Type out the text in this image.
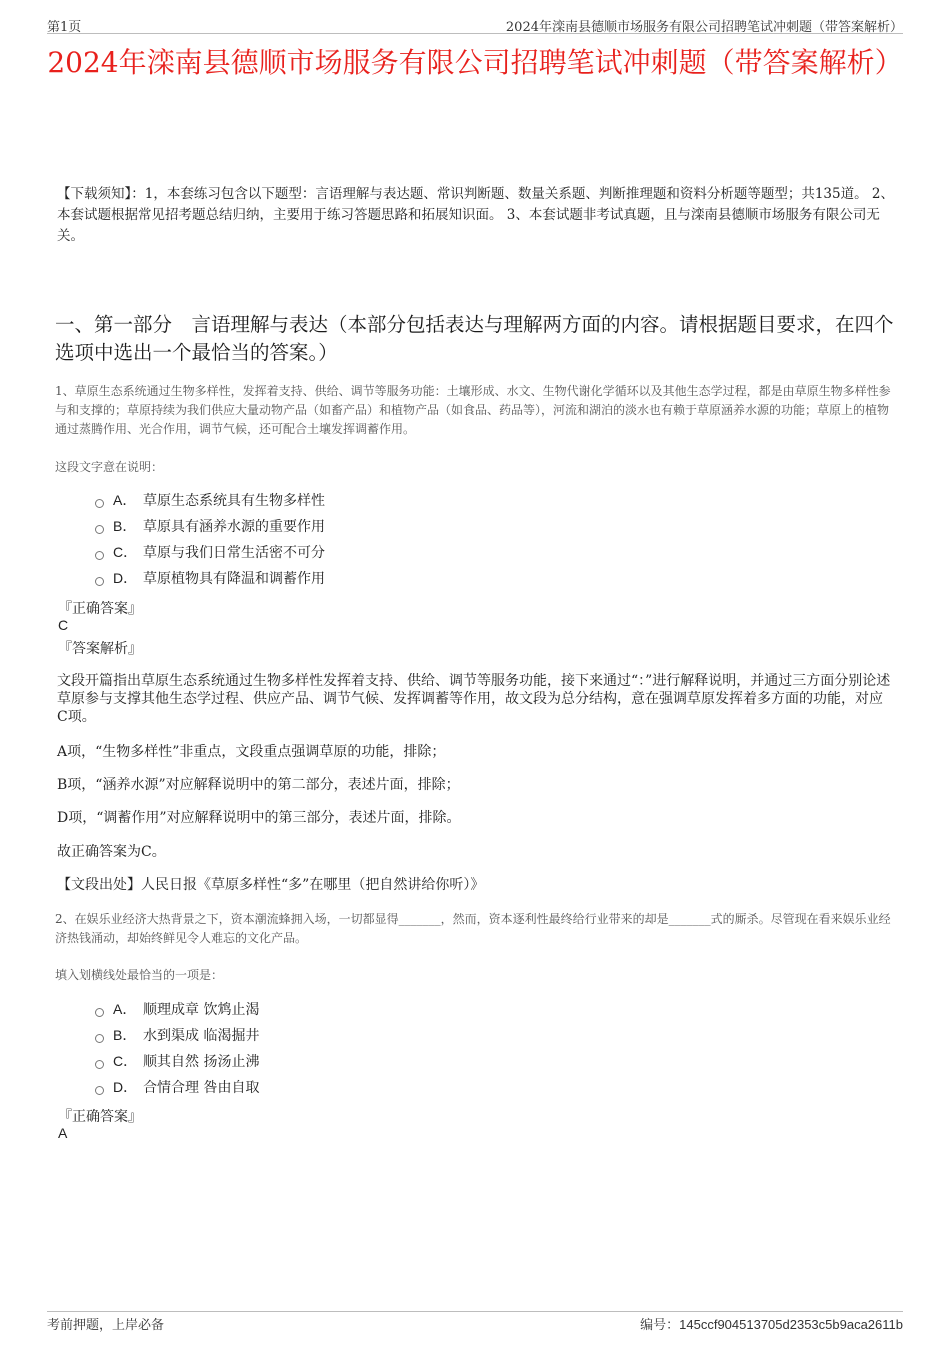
第1页	2024年滦南县德顺市场服务有限公司招聘笔试冲刺题（带答案解析）
2024年滦南县德顺市场服务有限公司招聘笔试冲刺题（带答案解析）
【下载须知】：1，本套练习包含以下题型：言语理解与表达题、常识判断题、数量关系题、判断推理题和资料分析题等题型；共135道。 2、本套试题根据常见招考题总结归纳，主要用于练习答题思路和拓展知识面。 3、本套试题非考试真题，且与滦南县德顺市场服务有限公司无关。
一、第一部分　言语理解与表达（本部分包括表达与理解两方面的内容。请根据题目要求，在四个选项中选出一个最恰当的答案。）
1、草原生态系统通过生物多样性，发挥着支持、供给、调节等服务功能：土壤形成、水文、生物代谢化学循环以及其他生态学过程，都是由草原生物多样性参与和支撑的；草原持续为我们供应大量动物产品（如畜产品）和植物产品（如食品、药品等），河流和湖泊的淡水也有赖于草原涵养水源的功能；草原上的植物通过蒸腾作用、光合作用，调节气候，还可配合土壤发挥调蓄作用。
这段文字意在说明：
A． 草原生态系统具有生物多样性
B． 草原具有涵养水源的重要作用
C． 草原与我们日常生活密不可分
D． 草原植物具有降温和调蓄作用
『正确答案』
C
『答案解析』
文段开篇指出草原生态系统通过生物多样性发挥着支持、供给、调节等服务功能，接下来通过“：”进行解释说明，并通过三方面分别论述草原参与支撑其他生态学过程、供应产品、调节气候、发挥调蓄等作用，故文段为总分结构，意在强调草原发挥着多方面的功能，对应C项。
A项，“生物多样性”非重点，文段重点强调草原的功能，排除；
B项，“涵养水源”对应解释说明中的第二部分，表述片面，排除；
D项，“调蓄作用”对应解释说明中的第三部分，表述片面，排除。
故正确答案为C。
【文段出处】人民日报《草原多样性“多”在哪里（把自然讲给你听）》
2、在娱乐业经济大热背景之下，资本潮流蜂拥入场，一切都显得_______，然而，资本逐利性最终给行业带来的却是_______式的厮杀。尽管现在看来娱乐业经济热钱涌动，却始终鲜见令人难忘的文化产品。
填入划横线处最恰当的一项是：
A． 顺理成章 饮鸩止渴
B． 水到渠成 临渴掘井
C． 顺其自然 扬汤止沸
D． 合情合理 咎由自取
『正确答案』
A
考前押题，上岸必备	编号：145ccf904513705d2353c5b9aca2611b
